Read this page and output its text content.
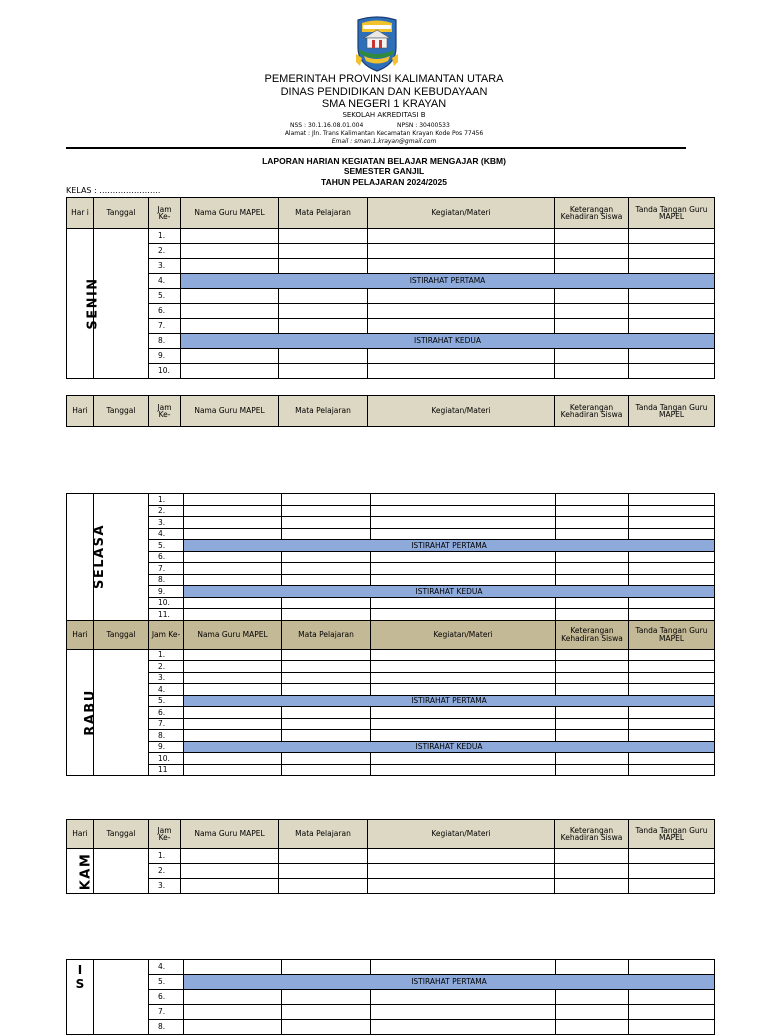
PEMERINTAH PROVINSI KALIMANTAN UTARA
DINAS PENDIDIKAN DAN KEBUDAYAAN
SMA NEGERI 1 KRAYAN
SEKOLAH AKREDITASI B
NSS : 30.1.16.08.01.004	NPSN : 30400533
Alamat : Jln. Trans Kalimantan Kecamatan Krayan Kode Pos 77456
Email : sman.1.krayan@gmail.com
LAPORAN HARIAN KEGIATAN BELAJAR MENGAJAR (KBM)
SEMESTER GANJIL
TAHUN PELAJARAN 2024/2025
KELAS : …………………..
Har i	Tanggal	Jam Ke-	Nama Guru MAPEL	Mata Pelajaran	Kegiatan/Materi	Keterangan Kehadiran Siswa	Tanda Tangan Guru MAPEL
SENIN		1.					
		2.					
		3.					
		4.	ISTIRAHAT PERTAMA				
		5.					
		6.					
		7.					
		8.	ISTIRAHAT KEDUA				
		9.					
		10.					
Hari	Tanggal	Jam Ke-	Nama Guru MAPEL	Mata Pelajaran	Kegiatan/Materi	Keterangan Kehadiran Siswa	Tanda Tangan Guru MAPEL
SELASA		1.					
		2.					
		3.					
		4.					
		5.	ISTIRAHAT PERTAMA				
		6.					
		7.					
		8.					
		9.	ISTIRAHAT KEDUA				
		10.					
		11.					
Hari	Tanggal	Jam Ke-	Nama Guru MAPEL	Mata Pelajaran	Kegiatan/Materi	Keterangan Kehadiran Siswa	Tanda Tangan Guru MAPEL
RABU		1.					
		2.					
		3.					
		4.					
		5.	ISTIRAHAT PERTAMA				
		6.					
		7.					
		8.					
		9.	ISTIRAHAT KEDUA				
		10.					
		11					
Hari	Tanggal	Jam Ke-	Nama Guru MAPEL	Mata Pelajaran	Kegiatan/Materi	Keterangan Kehadiran Siswa	Tanda Tangan Guru MAPEL
KAM		1.					
		2.					
		3.					
I S		4.					
		5.	ISTIRAHAT PERTAMA				
		6.					
		7.					
		8.					
